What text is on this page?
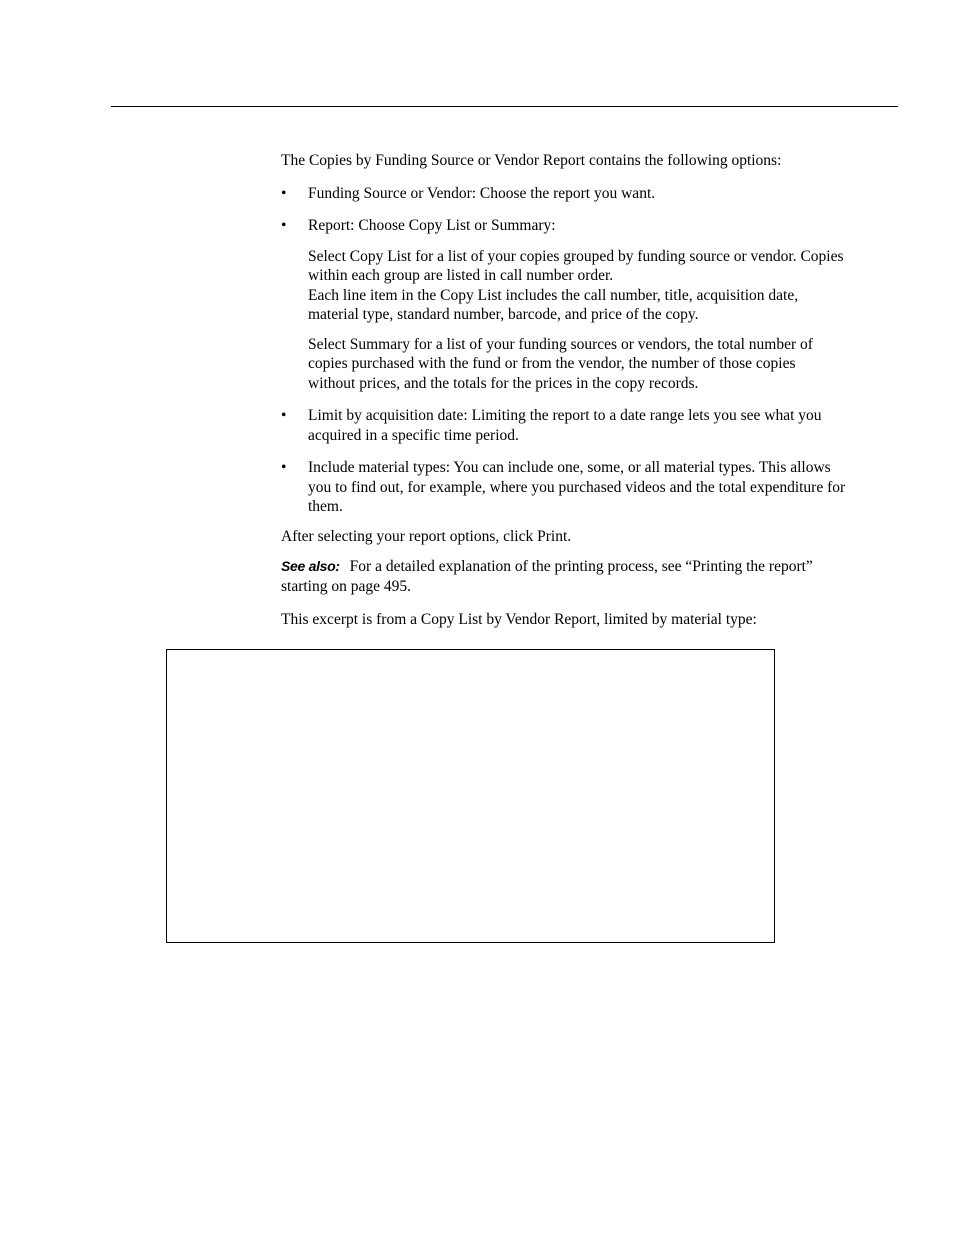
The Copies by Funding Source or Vendor Report contains the following options:

•	Funding Source or Vendor: Choose the report you want.

•	Report: Choose Copy List or Summary:

Select Copy List for a list of your copies grouped by funding source or vendor. Copies within each group are listed in call number order.
Each line item in the Copy List includes the call number, title, acquisition date, material type, standard number, barcode, and price of the copy.

Select Summary for a list of your funding sources or vendors, the total number of copies purchased with the fund or from the vendor, the number of those copies without prices, and the totals for the prices in the copy records.

•	Limit by acquisition date: Limiting the report to a date range lets you see what you acquired in a specific time period.

•	Include material types: You can include one, some, or all material types. This allows you to find out, for example, where you purchased videos and the total expenditure for them.

After selecting your report options, click Print.

See also: For a detailed explanation of the printing process, see “Printing the report” starting on page 495.

This excerpt is from a Copy List by Vendor Report, limited by material type:
